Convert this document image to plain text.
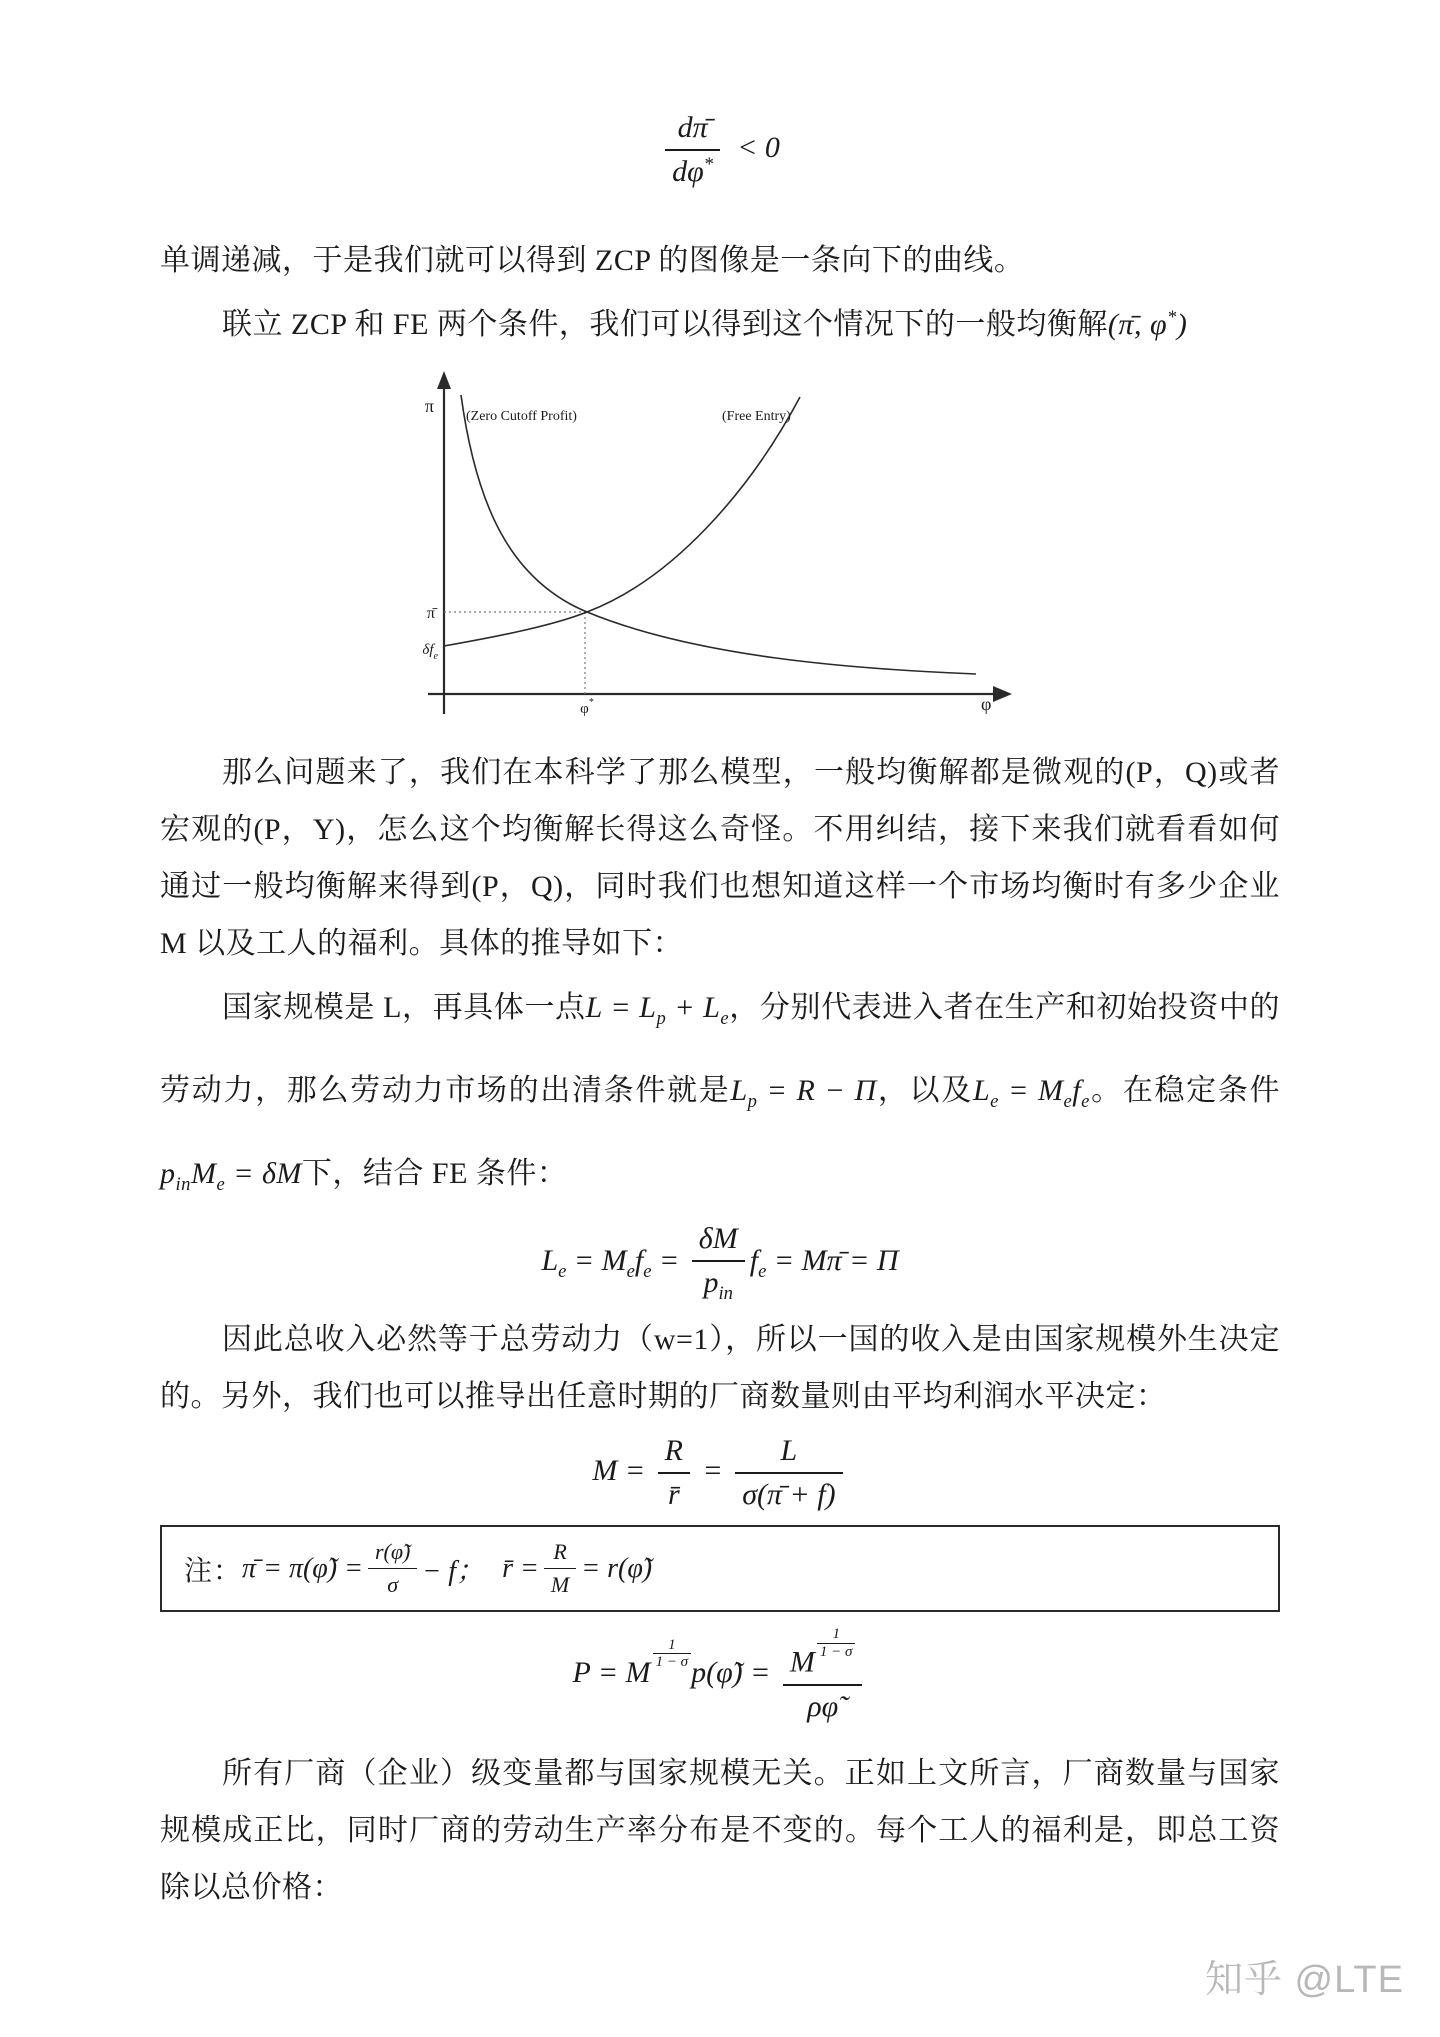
$\frac{d\pī}{d\varphi^*} < 0$

单调递减，于是我们就可以得到 ZCP 的图像是一条向下的曲线。

联立 ZCP 和 FE 两个条件，我们可以得到这个情况下的一般均衡解(π̄, φ*)

π
(Zero Cutoff Profit)	(Free Entry)
π̄
$\delta f_e$
φ*	φ

那么问题来了，我们在本科学了那么模型，一般均衡解都是微观的(P，Q)或者宏观的(P，Y)，怎么这个均衡解长得这么奇怪。不用纠结，接下来我们就看看如何通过一般均衡解来得到(P，Q)，同时我们也想知道这样一个市场均衡时有多少企业 M 以及工人的福利。具体的推导如下：

国家规模是 L，再具体一点$L = L_p + L_e$，分别代表进入者在生产和初始投资中的劳动力，那么劳动力市场的出清条件就是$L_p = R - \Pi$，以及$L_e = M_ef_e$。在稳定条件$p_{in}M_e = \delta M$下，结合 FE 条件：

$L_e = M_ef_e = \frac{\delta M}{p_{in}} f_e$ = Mπ̄ = Π

因此总收入必然等于总劳动力（w=1），所以一国的收入是由国家规模外生决定的。另外，我们也可以推导出任意时期的厂商数量则由平均利润水平决定：

$M = \frac{R}{r̄} = \frac{L}{\sigma(\pī + f)}$
注： π̄ = π(φ̃) = $\frac{r(\varphĩ)}{\sigma} - f$； r̄ = $\frac{R}{M}$ = r(φ̃)
P = M
$\frac{1}{1 - \sigma}$
p(φ̃) = M
$\frac{1}{1 - \sigma}$
ρφ̃

所有厂商（企业）级变量都与国家规模无关。正如上文所言，厂商数量与国家规模成正比，同时厂商的劳动生产率分布是不变的。每个工人的福利是，即总工资除以总价格：

知乎 @LTE
